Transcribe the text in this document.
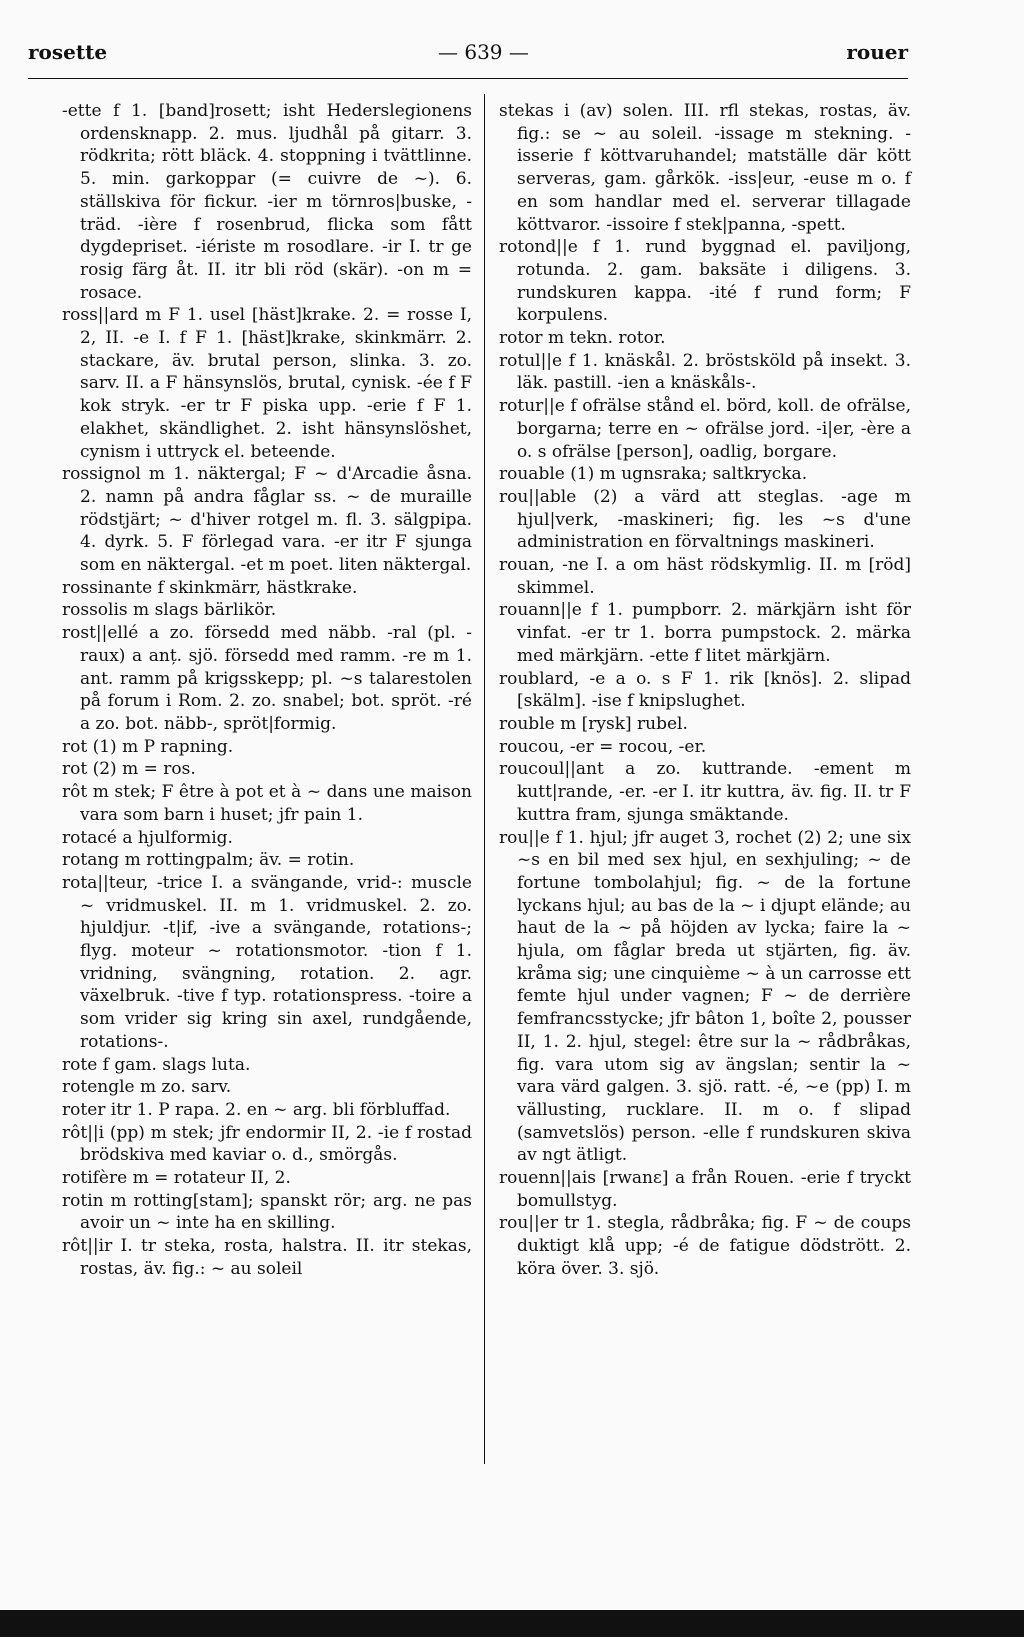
rosette	— 639 —	rouer

-ette f 1. [band]rosett; isht Hederslegionens ordensknapp. 2. mus. ljudhål på gitarr. 3. rödkrita; rött bläck. 4. stoppning i tvättlinne. 5. min. garkoppar (= cuivre de ~). 6. ställskiva för fickur. -ier m törnros|buske, -träd. -ière f rosenbrud, flicka som fått dygdepriset. -iériste m rosodlare. -ir I. tr ge rosig färg åt. II. itr bli röd (skär). -on m = rosace.

ross||ard m F 1. usel [häst]krake. 2. = rosse I, 2, II. -e I. f F 1. [häst]krake, skinkmärr. 2. stackare, äv. brutal person, slinka. 3. zo. sarv. II. a F hänsynslös, brutal, cynisk. -ée f F kok stryk. -er tr F piska upp. -erie f F 1. elakhet, skändlighet. 2. isht hänsynslöshet, cynism i uttryck el. beteende.

rossignol m 1. näktergal; F ~ d'Arcadie åsna. 2. namn på andra fåglar ss. ~ de muraille rödstjärt; ~ d'hiver rotgel m. fl. 3. sälgpipa. 4. dyrk. 5. F förlegad vara. -er itr F sjunga som en näktergal. -et m poet. liten näktergal.

rossinante f skinkmärr, hästkrake.

rossolis m slags bärlikör.

rost||ellé a zo. försedd med näbb. -ral (pl. -raux) a anț. sjö. försedd med ramm. -re m 1. ant. ramm på krigsskepp; pl. ~s talarestolen på forum i Rom. 2. zo. snabel; bot. spröt. -ré a zo. bot. näbb-, spröt|formig.

rot (1) m P rapning.

rot (2) m = ros.

rôt m stek; F être à pot et à ~ dans une maison vara som barn i huset; jfr pain 1.

rotacé a hjulformig.

rotang m rottingpalm; äv. = rotin.

rota||teur, -trice I. a svängande, vrid-: muscle ~ vridmuskel. II. m 1. vridmuskel. 2. zo. hjuldjur. -t|if, -ive a svängande, rotations-; flyg. moteur ~ rotationsmotor. -tion f 1. vridning, svängning, rotation. 2. agr. växelbruk. -tive f typ. rotationspress. -toire a som vrider sig kring sin axel, rundgående, rotations-.

rote f gam. slags luta.

rotengle m zo. sarv.

roter itr 1. P rapa. 2. en ~ arg. bli förbluffad.

rôt||i (pp) m stek; jfr endormir II, 2. -ie f rostad brödskiva med kaviar o. d., smörgås.

rotifère m = rotateur II, 2.

rotin m rotting[stam]; spanskt rör; arg. ne pas avoir un ~ inte ha en skilling.

rôt||ir I. tr steka, rosta, halstra. II. itr stekas, rostas, äv. fig.: ~ au soleil

stekas i (av) solen. III. rfl stekas, rostas, äv. fig.: se ~ au soleil. -issage m stekning. -isserie f köttvaruhandel; matställe där kött serveras, gam. gårkök. -iss|eur, -euse m o. f en som handlar med el. serverar tillagade köttvaror. -issoire f stek|panna, -spett.

rotond||e f 1. rund byggnad el. paviljong, rotunda. 2. gam. baksäte i diligens. 3. rundskuren kappa. -ité f rund form; F korpulens.

rotor m tekn. rotor.

rotul||e f 1. knäskål. 2. bröstsköld på insekt. 3. läk. pastill. -ien a knäskåls-.

rotur||e f ofrälse stånd el. börd, koll. de ofrälse, borgarna; terre en ~ ofrälse jord. -i|er, -ère a o. s ofrälse [person], oadlig, borgare.

rouable (1) m ugnsraka; saltkrycka.

rou||able (2) a värd att steglas. -age m hjul|verk, -maskineri; fig. les ~s d'une administration en förvaltnings maskineri.

rouan, -ne I. a om häst rödskymlig. II. m [röd] skimmel.

rouann||e f 1. pumpborr. 2. märkjärn isht för vinfat. -er tr 1. borra pumpstock. 2. märka med märkjärn. -ette f litet märkjärn.

roublard, -e a o. s F 1. rik [knös]. 2. slipad [skälm]. -ise f knipslughet.

rouble m [rysk] rubel.

roucou, -er = rocou, -er.

roucoul||ant a zo. kuttrande. -ement m kutt|rande, -er. -er I. itr kuttra, äv. fig. II. tr F kuttra fram, sjunga smäktande.

rou||e f 1. hjul; jfr auget 3, rochet (2) 2; une six ~s en bil med sex hjul, en sexhjuling; ~ de fortune tombolahjul; fig. ~ de la fortune lyckans hjul; au bas de la ~ i djupt elände; au haut de la ~ på höjden av lycka; faire la ~ hjula, om fåglar breda ut stjärten, fig. äv. kråma sig; une cinquième ~ à un carrosse ett femte hjul under vagnen; F ~ de derrière femfrancsstycke; jfr bâton 1, boîte 2, pousser II, 1. 2. hjul, stegel: être sur la ~ rådbråkas, fig. vara utom sig av ängslan; sentir la ~ vara värd galgen. 3. sjö. ratt. -é, ~e (pp) I. m vällusting, rucklare. II. m o. f slipad (samvetslös) person. -elle f rundskuren skiva av ngt ätligt.

rouenn||ais [rwanɛ] a från Rouen. -erie f tryckt bomullstyg.

rou||er tr 1. stegla, rådbråka; fig. F ~ de coups duktigt klå upp; -é de fatigue dödstrött. 2. köra över. 3. sjö.
